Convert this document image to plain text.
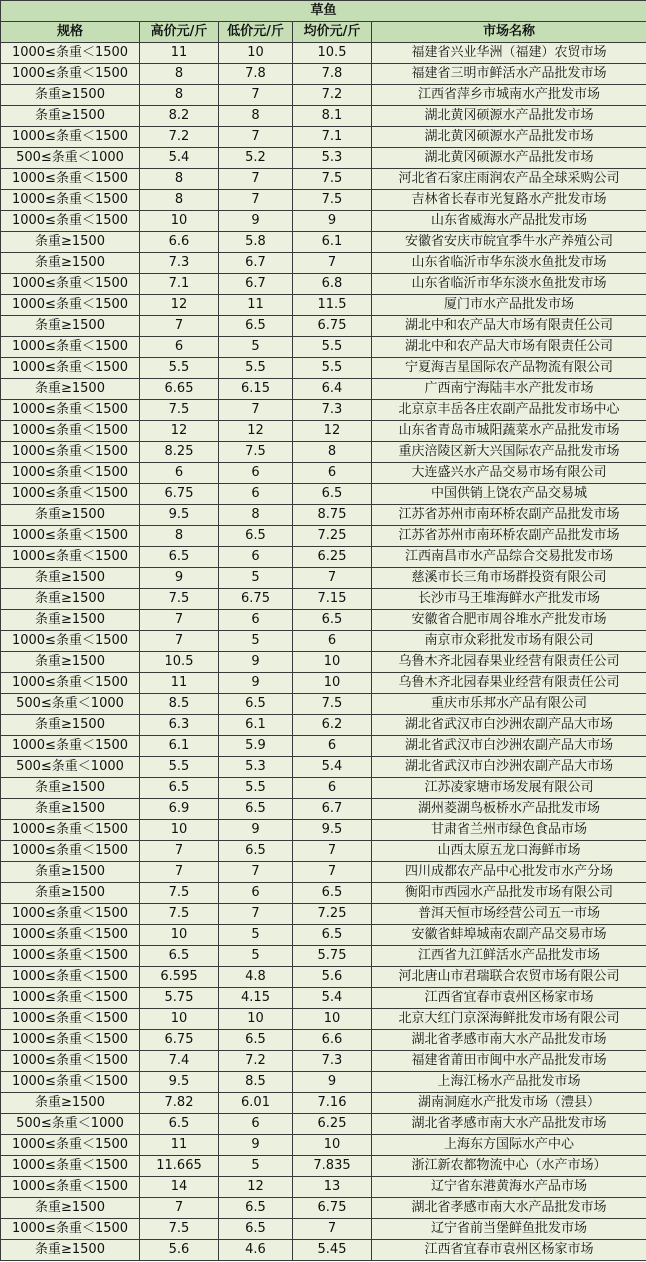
草鱼				
规格	高价元/斤	低价元/斤	均价元/斤	市场名称
1000≤条重＜1500	11	10	10.5	福建省兴业华洲（福建）农贸市场
1000≤条重＜1500	8	7.8	7.8	福建省三明市鲜活水产品批发市场
条重≥1500	8	7	7.2	江西省萍乡市城南水产批发市场
条重≥1500	8.2	8	8.1	湖北黄冈硕源水产品批发市场
1000≤条重＜1500	7.2	7	7.1	湖北黄冈硕源水产品批发市场
500≤条重＜1000	5.4	5.2	5.3	湖北黄冈硕源水产品批发市场
1000≤条重＜1500	8	7	7.5	河北省石家庄雨润农产品全球采购公司
1000≤条重＜1500	8	7	7.5	吉林省长春市光复路水产批发市场
1000≤条重＜1500	10	9	9	山东省威海水产品批发市场
条重≥1500	6.6	5.8	6.1	安徽省安庆市皖宜季牛水产养殖公司
条重≥1500	7.3	6.7	7	山东省临沂市华东淡水鱼批发市场
1000≤条重＜1500	7.1	6.7	6.8	山东省临沂市华东淡水鱼批发市场
1000≤条重＜1500	12	11	11.5	厦门市水产品批发市场
条重≥1500	7	6.5	6.75	湖北中和农产品大市场有限责任公司
1000≤条重＜1500	6	5	5.5	湖北中和农产品大市场有限责任公司
1000≤条重＜1500	5.5	5.5	5.5	宁夏海吉星国际农产品物流有限公司
条重≥1500	6.65	6.15	6.4	广西南宁海陆丰水产批发市场
1000≤条重＜1500	7.5	7	7.3	北京京丰岳各庄农副产品批发市场中心
1000≤条重＜1500	12	12	12	山东省青岛市城阳蔬菜水产品批发市场
1000≤条重＜1500	8.25	7.5	8	重庆涪陵区新大兴国际农产品批发市场
1000≤条重＜1500	6	6	6	大连盛兴水产品交易市场有限公司
1000≤条重＜1500	6.75	6	6.5	中国供销上饶农产品交易城
条重≥1500	9.5	8	8.75	江苏省苏州市南环桥农副产品批发市场
1000≤条重＜1500	8	6.5	7.25	江苏省苏州市南环桥农副产品批发市场
1000≤条重＜1500	6.5	6	6.25	江西南昌市水产品综合交易批发市场
条重≥1500	9	5	7	慈溪市长三角市场群投资有限公司
条重≥1500	7.5	6.75	7.15	长沙市马王堆海鲜水产批发市场
条重≥1500	7	6	6.5	安徽省合肥市周谷堆水产批发市场
1000≤条重＜1500	7	5	6	南京市众彩批发市场有限公司
条重≥1500	10.5	9	10	乌鲁木齐北园春果业经营有限责任公司
1000≤条重＜1500	11	9	10	乌鲁木齐北园春果业经营有限责任公司
500≤条重＜1000	8.5	6.5	7.5	重庆市乐邦水产品有限公司
条重≥1500	6.3	6.1	6.2	湖北省武汉市白沙洲农副产品大市场
1000≤条重＜1500	6.1	5.9	6	湖北省武汉市白沙洲农副产品大市场
500≤条重＜1000	5.5	5.3	5.4	湖北省武汉市白沙洲农副产品大市场
条重≥1500	6.5	5.5	6	江苏凌家塘市场发展有限公司
条重≥1500	6.9	6.5	6.7	湖州菱湖鸟板桥水产品批发市场
1000≤条重＜1500	10	9	9.5	甘肃省兰州市绿色食品市场
1000≤条重＜1500	7	6.5	7	山西太原五龙口海鲜市场
条重≥1500	7	7	7	四川成都农产品中心批发市水产分场
条重≥1500	7.5	6	6.5	衡阳市西园水产品批发市场有限公司
1000≤条重＜1500	7.5	7	7.25	普洱天恒市场经营公司五一市场
1000≤条重＜1500	10	5	6.5	安徽省蚌埠城南农副产品交易市场
1000≤条重＜1500	6.5	5	5.75	江西省九江鲜活水产品批发市场
1000≤条重＜1500	6.595	4.8	5.6	河北唐山市君瑞联合农贸市场有限公司
1000≤条重＜1500	5.75	4.15	5.4	江西省宜春市袁州区杨家市场
1000≤条重＜1500	10	10	10	北京大红门京深海鲜批发市场有限公司
1000≤条重＜1500	6.75	6.5	6.6	湖北省孝感市南大水产品批发市场
1000≤条重＜1500	7.4	7.2	7.3	福建省莆田市闽中水产品批发市场
1000≤条重＜1500	9.5	8.5	9	上海江杨水产品批发市场
条重≥1500	7.82	6.01	7.16	湖南洞庭水产批发市场（澧县）
500≤条重＜1000	6.5	6	6.25	湖北省孝感市南大水产品批发市场
1000≤条重＜1500	11	9	10	上海东方国际水产中心
1000≤条重＜1500	11.665	5	7.835	浙江新农都物流中心（水产市场）
1000≤条重＜1500	14	12	13	辽宁省东港黄海水产品市场
条重≥1500	7	6.5	6.75	湖北省孝感市南大水产品批发市场
1000≤条重＜1500	7.5	6.5	7	辽宁省前当堡鲜鱼批发市场
条重≥1500	5.6	4.6	5.45	江西省宜春市袁州区杨家市场
